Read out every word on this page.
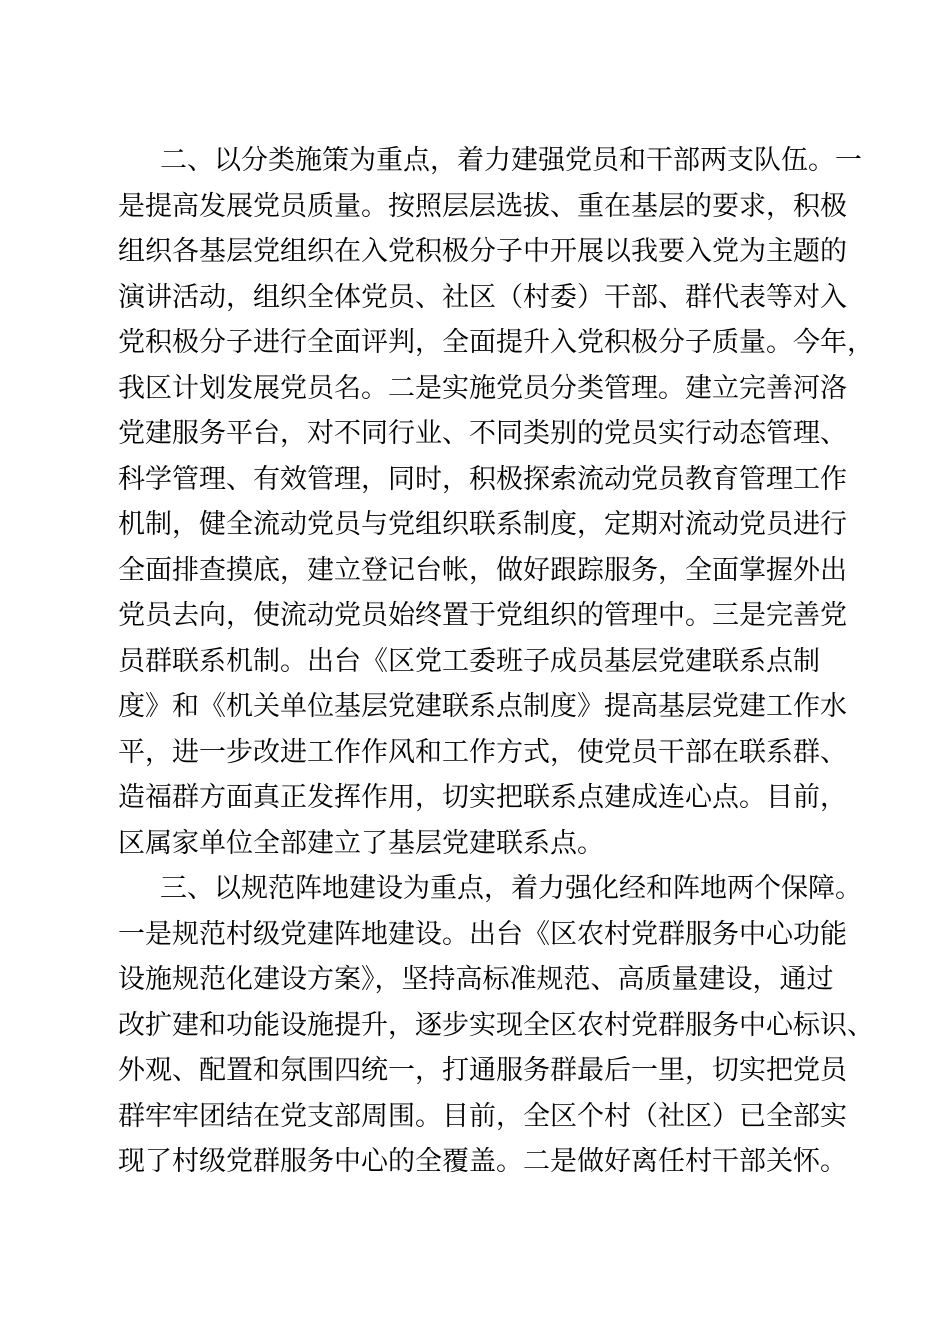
二、以分类施策为重点，着力建强党员和干部两支队伍。一
是提高发展党员质量。按照层层选拔、重在基层的要求，积极
组织各基层党组织在入党积极分子中开展以我要入党为主题的
演讲活动，组织全体党员、社区（村委）干部、群代表等对入
党积极分子进行全面评判，全面提升入党积极分子质量。今年，
我区计划发展党员名。二是实施党员分类管理。建立完善河洛
党建服务平台，对不同行业、不同类别的党员实行动态管理、
科学管理、有效管理，同时，积极探索流动党员教育管理工作
机制，健全流动党员与党组织联系制度，定期对流动党员进行
全面排查摸底，建立登记台帐，做好跟踪服务，全面掌握外出
党员去向，使流动党员始终置于党组织的管理中。三是完善党
员群联系机制。出台《区党工委班子成员基层党建联系点制
度》和《机关单位基层党建联系点制度》提高基层党建工作水
平，进一步改进工作作风和工作方式，使党员干部在联系群、
造福群方面真正发挥作用，切实把联系点建成连心点。目前，
区属家单位全部建立了基层党建联系点。
三、以规范阵地建设为重点，着力强化经和阵地两个保障。
一是规范村级党建阵地建设。出台《区农村党群服务中心功能
设施规范化建设方案》，坚持高标准规范、高质量建设，通过
改扩建和功能设施提升，逐步实现全区农村党群服务中心标识、
外观、配置和氛围四统一，打通服务群最后一里，切实把党员
群牢牢团结在党支部周围。目前，全区个村（社区）已全部实
现了村级党群服务中心的全覆盖。二是做好离任村干部关怀。
